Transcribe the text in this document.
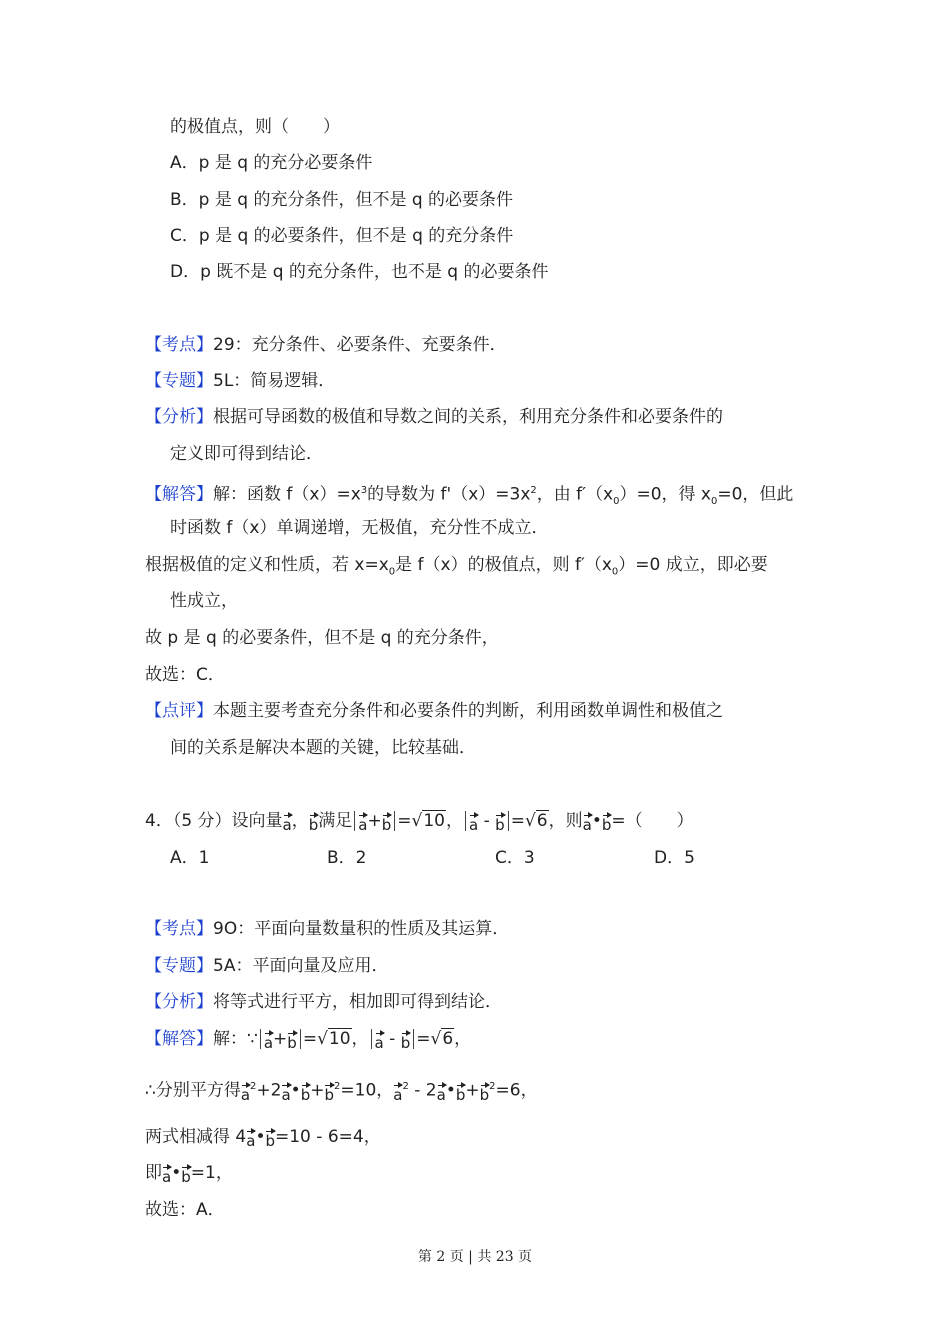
的极值点，则（　　）
A．p 是 q 的充分必要条件
B．p 是 q 的充分条件，但不是 q 的必要条件
C．p 是 q 的必要条件，但不是 q 的充分条件
D．p 既不是 q 的充分条件，也不是 q 的必要条件
【考点】29：充分条件、必要条件、充要条件．
【专题】5L：简易逻辑．
【分析】根据可导函数的极值和导数之间的关系，利用充分条件和必要条件的
定义即可得到结论．
【解答】解：函数 $f(x)=x^3$的导数为 $f'(x)=3x^2$，由 $f'(x_0)=0$，得 $x_0=0$，但此
时函数 f（x）单调递增，无极值，充分性不成立．
根据极值的定义和性质，若 $x=x_0$是 f（x）的极值点，则 $f'(x_0)=0$ 成立，即必要
性成立，
故 p 是 q 的必要条件，但不是 q 的充分条件，
故选：C．
【点评】本题主要考查充分条件和必要条件的判断，利用函数单调性和极值之
间的关系是解决本题的关键，比较基础．
4．（5 分）设向量a，b满足 a+b =√10， a - b =√6，则a•b=（　　）
【考点】9O：平面向量数量积的性质及其运算．
【专题】5A：平面向量及应用．
【分析】将等式进行平方，相加即可得到结论．
【解答】解：∵ a+b =√10， a - b =√6，
∴分别平方得$a^2+2a•b+b^2=10$，$a^2$ - $2a•b+b^2=6$，
两式相减得 4a•b=10 - 6=4，
即a•b=1，
故选：A．
A．1	B．2	C．3	D．5
第 2 页 | 共 23 页
